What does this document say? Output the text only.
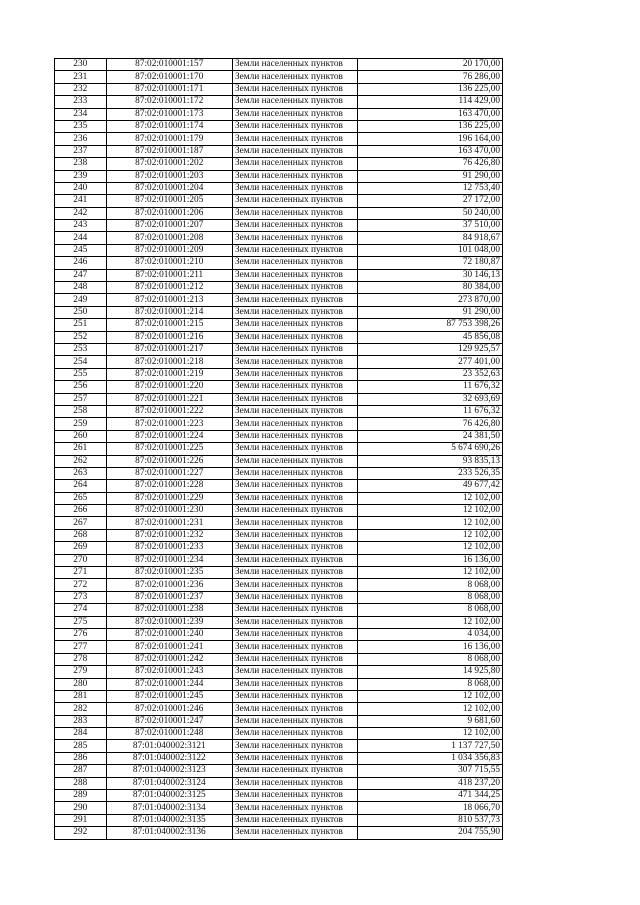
230	87:02:010001:157	Земли населенных пунктов	20 170,00
231	87:02:010001:170	Земли населенных пунктов	76 286,00
232	87:02:010001:171	Земли населенных пунктов	136 225,00
233	87:02:010001:172	Земли населенных пунктов	114 429,00
234	87:02:010001:173	Земли населенных пунктов	163 470,00
235	87:02:010001:174	Земли населенных пунктов	136 225,00
236	87:02:010001:179	Земли населенных пунктов	196 164,00
237	87:02:010001:187	Земли населенных пунктов	163 470,00
238	87:02:010001:202	Земли населенных пунктов	76 426,80
239	87:02:010001:203	Земли населенных пунктов	91 290,00
240	87:02:010001:204	Земли населенных пунктов	12 753,40
241	87:02:010001:205	Земли населенных пунктов	27 172,00
242	87:02:010001:206	Земли населенных пунктов	50 240,00
243	87:02:010001:207	Земли населенных пунктов	37 510,00
244	87:02:010001:208	Земли населенных пунктов	84 918,67
245	87:02:010001:209	Земли населенных пунктов	101 048,00
246	87:02:010001:210	Земли населенных пунктов	72 180,87
247	87:02:010001:211	Земли населенных пунктов	30 146,13
248	87:02:010001:212	Земли населенных пунктов	80 384,00
249	87:02:010001:213	Земли населенных пунктов	273 870,00
250	87:02:010001:214	Земли населенных пунктов	91 290,00
251	87:02:010001:215	Земли населенных пунктов	87 753 398,26
252	87:02:010001:216	Земли населенных пунктов	45 856,08
253	87:02:010001:217	Земли населенных пунктов	129 925,57
254	87:02:010001:218	Земли населенных пунктов	277 401,00
255	87:02:010001:219	Земли населенных пунктов	23 352,63
256	87:02:010001:220	Земли населенных пунктов	11 676,32
257	87:02:010001:221	Земли населенных пунктов	32 693,69
258	87:02:010001:222	Земли населенных пунктов	11 676,32
259	87:02:010001:223	Земли населенных пунктов	76 426,80
260	87:02:010001:224	Земли населенных пунктов	24 381,50
261	87:02:010001:225	Земли населенных пунктов	5 674 690,26
262	87:02:010001:226	Земли населенных пунктов	93 835,13
263	87:02:010001:227	Земли населенных пунктов	233 526,35
264	87:02:010001:228	Земли населенных пунктов	49 677,42
265	87:02:010001:229	Земли населенных пунктов	12 102,00
266	87:02:010001:230	Земли населенных пунктов	12 102,00
267	87:02:010001:231	Земли населенных пунктов	12 102,00
268	87:02:010001:232	Земли населенных пунктов	12 102,00
269	87:02:010001:233	Земли населенных пунктов	12 102,00
270	87:02:010001:234	Земли населенных пунктов	16 136,00
271	87:02:010001:235	Земли населенных пунктов	12 102,00
272	87:02:010001:236	Земли населенных пунктов	8 068,00
273	87:02:010001:237	Земли населенных пунктов	8 068,00
274	87:02:010001:238	Земли населенных пунктов	8 068,00
275	87:02:010001:239	Земли населенных пунктов	12 102,00
276	87:02:010001:240	Земли населенных пунктов	4 034,00
277	87:02:010001:241	Земли населенных пунктов	16 136,00
278	87:02:010001:242	Земли населенных пунктов	8 068,00
279	87:02:010001:243	Земли населенных пунктов	14 925,80
280	87:02:010001:244	Земли населенных пунктов	8 068,00
281	87:02:010001:245	Земли населенных пунктов	12 102,00
282	87:02:010001:246	Земли населенных пунктов	12 102,00
283	87:02:010001:247	Земли населенных пунктов	9 681,60
284	87:02:010001:248	Земли населенных пунктов	12 102,00
285	87:01:040002:3121	Земли населенных пунктов	1 137 727,50
286	87:01:040002:3122	Земли населенных пунктов	1 034 356,83
287	87:01:040002:3123	Земли населенных пунктов	307 715,55
288	87:01:040002:3124	Земли населенных пунктов	418 237,20
289	87:01:040002:3125	Земли населенных пунктов	471 344,25
290	87:01:040002:3134	Земли населенных пунктов	18 066,70
291	87:01:040002:3135	Земли населенных пунктов	810 537,73
292	87:01:040002:3136	Земли населенных пунктов	204 755,90
